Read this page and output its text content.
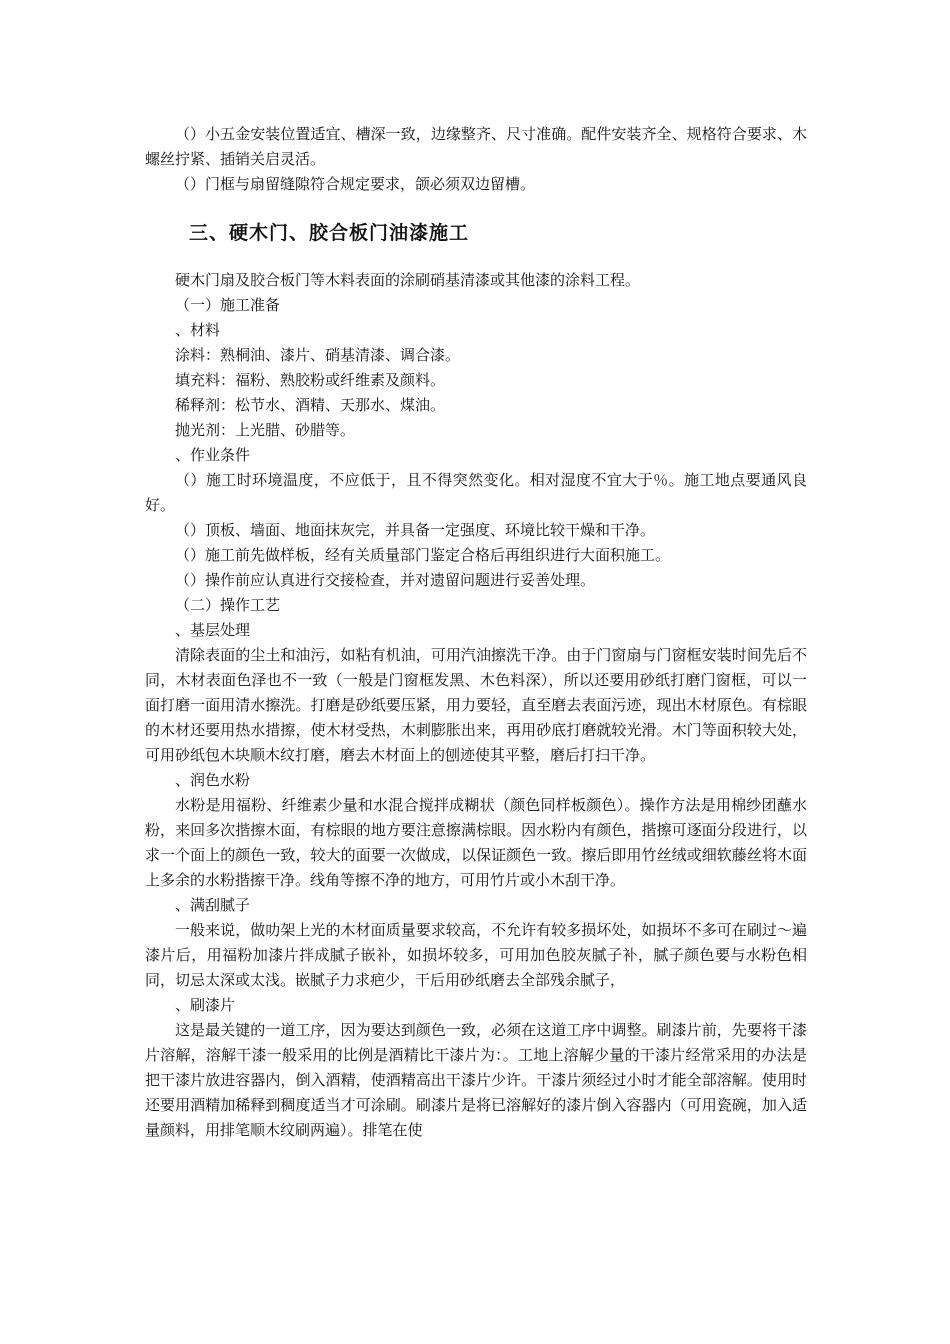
（）小五金安装位置适宜、槽深一致，边缘整齐、尺寸准确。配件安装齐全、规格符合要求、木螺丝拧紧、插销关启灵活。

（）门框与扇留缝隙符合规定要求，颌必须双边留槽。

三、硬木门、胶合板门油漆施工

硬木门扇及胶合板门等木料表面的涂刷硝基清漆或其他漆的涂料工程。

（一）施工准备

、材料

涂料：熟桐油、漆片、硝基清漆、调合漆。

填充料：福粉、熟胶粉或纤维素及颜料。

稀释剂：松节水、酒精、天那水、煤油。

抛光剂：上光腊、砂腊等。

、作业条件

（）施工时环境温度，不应低于，且不得突然变化。相对湿度不宜大于％。施工地点要通风良好。

（）顶板、墙面、地面抹灰完，并具备一定强度、环境比较干燥和干净。

（）施工前先做样板，经有关质量部门鉴定合格后再组织进行大面积施工。

（）操作前应认真进行交接检查，并对遗留问题进行妥善处理。

（二）操作工艺

、基层处理

清除表面的尘土和油污，如粘有机油，可用汽油擦洗干净。由于门窗扇与门窗框安装时间先后不同，木材表面色泽也不一致（一般是门窗框发黑、木色料深），所以还要用砂纸打磨门窗框，可以一面打磨一面用清水擦洗。打磨是砂纸要压紧，用力要轻，直至磨去表面污迹，现出木材原色。有棕眼的木材还要用热水措擦，使木材受热，木刺膨胀出来，再用砂底打磨就较光滑。木门等面积较大处，可用砂纸包木块顺木纹打磨，磨去木材面上的刨迹使其平整，磨后打扫干净。

、润色水粉

水粉是用福粉、纤维素少量和水混合搅拌成糊状（颜色同样板颜色）。操作方法是用棉纱团蘸水粉，来回多次揩擦木面，有棕眼的地方要注意擦满棕眼。因水粉内有颜色，揩擦可逐面分段进行，以求一个面上的颜色一致，较大的面要一次做成，以保证颜色一致。擦后即用竹丝绒或细软藤丝将木面上多余的水粉揩擦干净。线角等擦不净的地方，可用竹片或小木刮干净。

、满刮腻子

一般来说，做叻架上光的木材面质量要求较高，不允许有较多损坏处，如损坏不多可在刷过～遍漆片后，用福粉加漆片拌成腻子嵌补，如损坏较多，可用加色胶灰腻子补，腻子颜色要与水粉色相同，切忌太深或太浅。嵌腻子力求疤少，干后用砂纸磨去全部残余腻子，

、刷漆片

这是最关键的一道工序，因为要达到颜色一致，必须在这道工序中调整。刷漆片前，先要将干漆片溶解，溶解干漆一般采用的比例是酒精比干漆片为：。工地上溶解少量的干漆片经常采用的办法是把干漆片放进容器内，倒入酒精，使酒精高出干漆片少许。干漆片须经过小时才能全部溶解。使用时还要用酒精加稀释到稠度适当才可涂刷。刷漆片是将已溶解好的漆片倒入容器内（可用瓷碗，加入适量颜料，用排笔顺木纹刷两遍）。排笔在使
